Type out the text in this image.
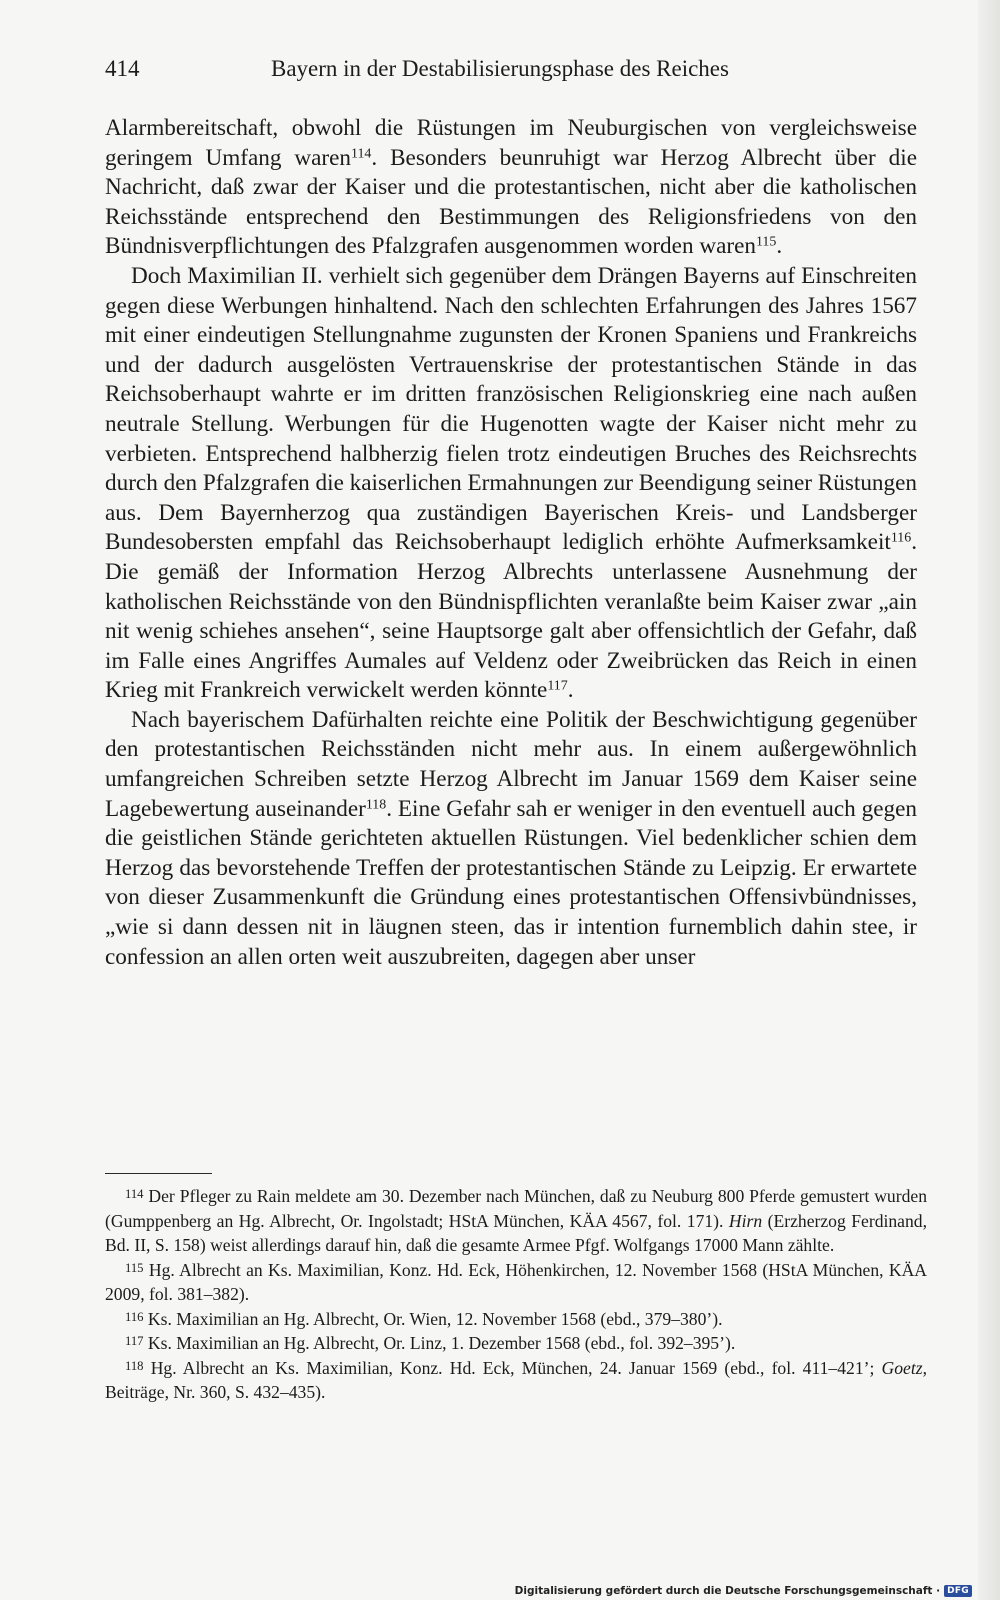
414	Bayern in der Destabilisierungsphase des Reiches

Alarmbereitschaft, obwohl die Rüstungen im Neuburgischen von vergleichsweise geringem Umfang waren$^{114}$. Besonders beunruhigt war Herzog Albrecht über die Nachricht, daß zwar der Kaiser und die protestantischen, nicht aber die katholischen Reichsstände entsprechend den Bestimmungen des Religionsfriedens von den Bündnisverpflichtungen des Pfalzgrafen ausgenommen worden waren$^{115}$.

Doch Maximilian II. verhielt sich gegenüber dem Drängen Bayerns auf Einschreiten gegen diese Werbungen hinhaltend. Nach den schlechten Erfahrungen des Jahres 1567 mit einer eindeutigen Stellungnahme zugunsten der Kronen Spaniens und Frankreichs und der dadurch ausgelösten Vertrauenskrise der protestantischen Stände in das Reichsoberhaupt wahrte er im dritten französischen Religionskrieg eine nach außen neutrale Stellung. Werbungen für die Hugenotten wagte der Kaiser nicht mehr zu verbieten. Entsprechend halbherzig fielen trotz eindeutigen Bruches des Reichsrechts durch den Pfalzgrafen die kaiserlichen Ermahnungen zur Beendigung seiner Rüstungen aus. Dem Bayernherzog qua zuständigen Bayerischen Kreis- und Landsberger Bundesobersten empfahl das Reichsoberhaupt lediglich erhöhte Aufmerksamkeit$^{116}$. Die gemäß der Information Herzog Albrechts unterlassene Ausnehmung der katholischen Reichsstände von den Bündnispflichten veranlaßte beim Kaiser zwar „ain nit wenig schiehes ansehen“, seine Hauptsorge galt aber offensichtlich der Gefahr, daß im Falle eines Angriffes Aumales auf Veldenz oder Zweibrücken das Reich in einen Krieg mit Frankreich verwickelt werden könnte$^{117}$.

Nach bayerischem Dafürhalten reichte eine Politik der Beschwichtigung gegenüber den protestantischen Reichsständen nicht mehr aus. In einem außergewöhnlich umfangreichen Schreiben setzte Herzog Albrecht im Januar 1569 dem Kaiser seine Lagebewertung auseinander$^{118}$. Eine Gefahr sah er weniger in den eventuell auch gegen die geistlichen Stände gerichteten aktuellen Rüstungen. Viel bedenklicher schien dem Herzog das bevorstehende Treffen der protestantischen Stände zu Leipzig. Er erwartete von dieser Zusammenkunft die Gründung eines protestantischen Offensivbündnisses, „wie si dann dessen nit in läugnen steen, das ir intention furnemblich dahin stee, ir confession an allen orten weit auszubreiten, dagegen aber unser

$^{114}$ Der Pfleger zu Rain meldete am 30. Dezember nach München, daß zu Neuburg 800 Pferde gemustert wurden (Gumppenberg an Hg. Albrecht, Or. Ingolstadt; HStA München, KÄA 4567, fol. 171). Hirn (Erzherzog Ferdinand, Bd. II, S. 158) weist allerdings darauf hin, daß die gesamte Armee Pfgf. Wolfgangs 17000 Mann zählte.

$^{115}$ Hg. Albrecht an Ks. Maximilian, Konz. Hd. Eck, Höhenkirchen, 12. November 1568 (HStA München, KÄA 2009, fol. 381–382).

$^{116}$ Ks. Maximilian an Hg. Albrecht, Or. Wien, 12. November 1568 (ebd., 379–380’).

$^{117}$ Ks. Maximilian an Hg. Albrecht, Or. Linz, 1. Dezember 1568 (ebd., fol. 392–395’).

$^{118}$ Hg. Albrecht an Ks. Maximilian, Konz. Hd. Eck, München, 24. Januar 1569 (ebd., fol. 411–421’; Goetz, Beiträge, Nr. 360, S. 432–435).

Digitalisierung gefördert durch die Deutsche Forschungsgemeinschaft · DFG
